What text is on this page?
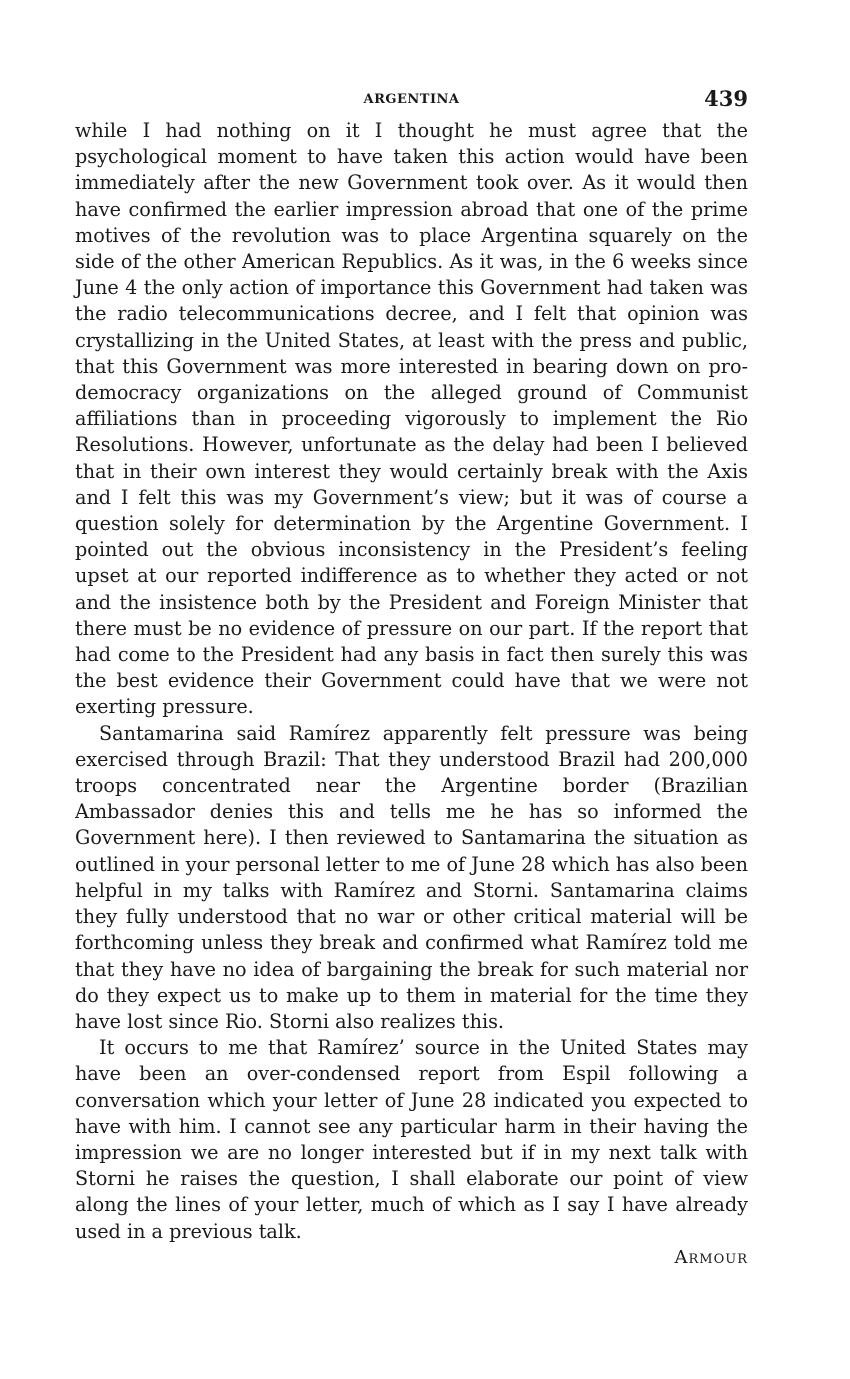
ARGENTINA	439

while I had nothing on it I thought he must agree that the psychological moment to have taken this action would have been immediately after the new Government took over. As it would then have confirmed the earlier impression abroad that one of the prime motives of the revolution was to place Argentina squarely on the side of the other American Republics. As it was, in the 6 weeks since June 4 the only action of importance this Government had taken was the radio telecommunications decree, and I felt that opinion was crystallizing in the United States, at least with the press and public, that this Government was more interested in bearing down on pro-democracy organizations on the alleged ground of Communist affiliations than in proceeding vigorously to implement the Rio Resolutions. However, unfortunate as the delay had been I believed that in their own interest they would certainly break with the Axis and I felt this was my Government’s view; but it was of course a question solely for determination by the Argentine Government. I pointed out the obvious inconsistency in the President’s feeling upset at our reported indifference as to whether they acted or not and the insistence both by the President and Foreign Minister that there must be no evidence of pressure on our part. If the report that had come to the President had any basis in fact then surely this was the best evidence their Government could have that we were not exerting pressure.

Santamarina said Ramírez apparently felt pressure was being exercised through Brazil: That they understood Brazil had 200,000 troops concentrated near the Argentine border (Brazilian Ambassador denies this and tells me he has so informed the Government here). I then reviewed to Santamarina the situation as outlined in your personal letter to me of June 28 which has also been helpful in my talks with Ramírez and Storni. Santamarina claims they fully understood that no war or other critical material will be forthcoming unless they break and confirmed what Ramírez told me that they have no idea of bargaining the break for such material nor do they expect us to make up to them in material for the time they have lost since Rio. Storni also realizes this.

It occurs to me that Ramírez’ source in the United States may have been an over-condensed report from Espil following a conversation which your letter of June 28 indicated you expected to have with him. I cannot see any particular harm in their having the impression we are no longer interested but if in my next talk with Storni he raises the question, I shall elaborate our point of view along the lines of your letter, much of which as I say I have already used in a previous talk.

Armour
